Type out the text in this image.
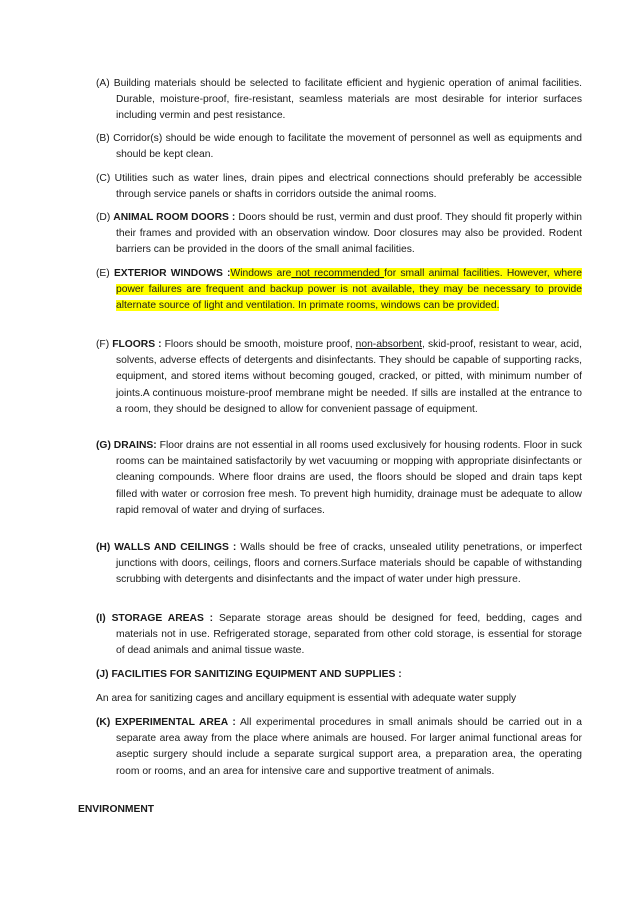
(A) Building materials should be selected to facilitate efficient and hygienic operation of animal facilities. Durable, moisture-proof, fire-resistant, seamless materials are most desirable for interior surfaces including vermin and pest resistance.
(B) Corridor(s) should be wide enough to facilitate the movement of personnel as well as equipments and should be kept clean.
(C) Utilities such as water lines, drain pipes and electrical connections should preferably be accessible through service panels or shafts in corridors outside the animal rooms.
(D) ANIMAL ROOM DOORS : Doors should be rust, vermin and dust proof. They should fit properly within their frames and provided with an observation window. Door closures may also be provided. Rodent barriers can be provided in the doors of the small animal facilities.
(E) EXTERIOR WINDOWS :Windows are not recommended for small animal facilities. However, where power failures are frequent and backup power is not available, they may be necessary to provide alternate source of light and ventilation. In primate rooms, windows can be provided.
(F) FLOORS : Floors should be smooth, moisture proof, non-absorbent, skid-proof, resistant to wear, acid, solvents, adverse effects of detergents and disinfectants. They should be capable of supporting racks, equipment, and stored items without becoming gouged, cracked, or pitted, with minimum number of joints.A continuous moisture-proof membrane might be needed. If sills are installed at the entrance to a room, they should be designed to allow for convenient passage of equipment.
(G) DRAINS: Floor drains are not essential in all rooms used exclusively for housing rodents. Floor in suck rooms can be maintained satisfactorily by wet vacuuming or mopping with appropriate disinfectants or cleaning compounds. Where floor drains are used, the floors should be sloped and drain taps kept filled with water or corrosion free mesh. To prevent high humidity, drainage must be adequate to allow rapid removal of water and drying of surfaces.
(H) WALLS AND CEILINGS : Walls should be free of cracks, unsealed utility penetrations, or imperfect junctions with doors, ceilings, floors and corners.Surface materials should be capable of withstanding scrubbing with detergents and disinfectants and the impact of water under high pressure.
(I) STORAGE AREAS : Separate storage areas should be designed for feed, bedding, cages and materials not in use. Refrigerated storage, separated from other cold storage, is essential for storage of dead animals and animal tissue waste.
(J) FACILITIES FOR SANITIZING EQUIPMENT AND SUPPLIES :
An area for sanitizing cages and ancillary equipment is essential with adequate water supply
(K) EXPERIMENTAL AREA : All experimental procedures in small animals should be carried out in a separate area away from the place where animals are housed. For larger animal functional areas for aseptic surgery should include a separate surgical support area, a preparation area, the operating room or rooms, and an area for intensive care and supportive treatment of animals.
ENVIRONMENT
